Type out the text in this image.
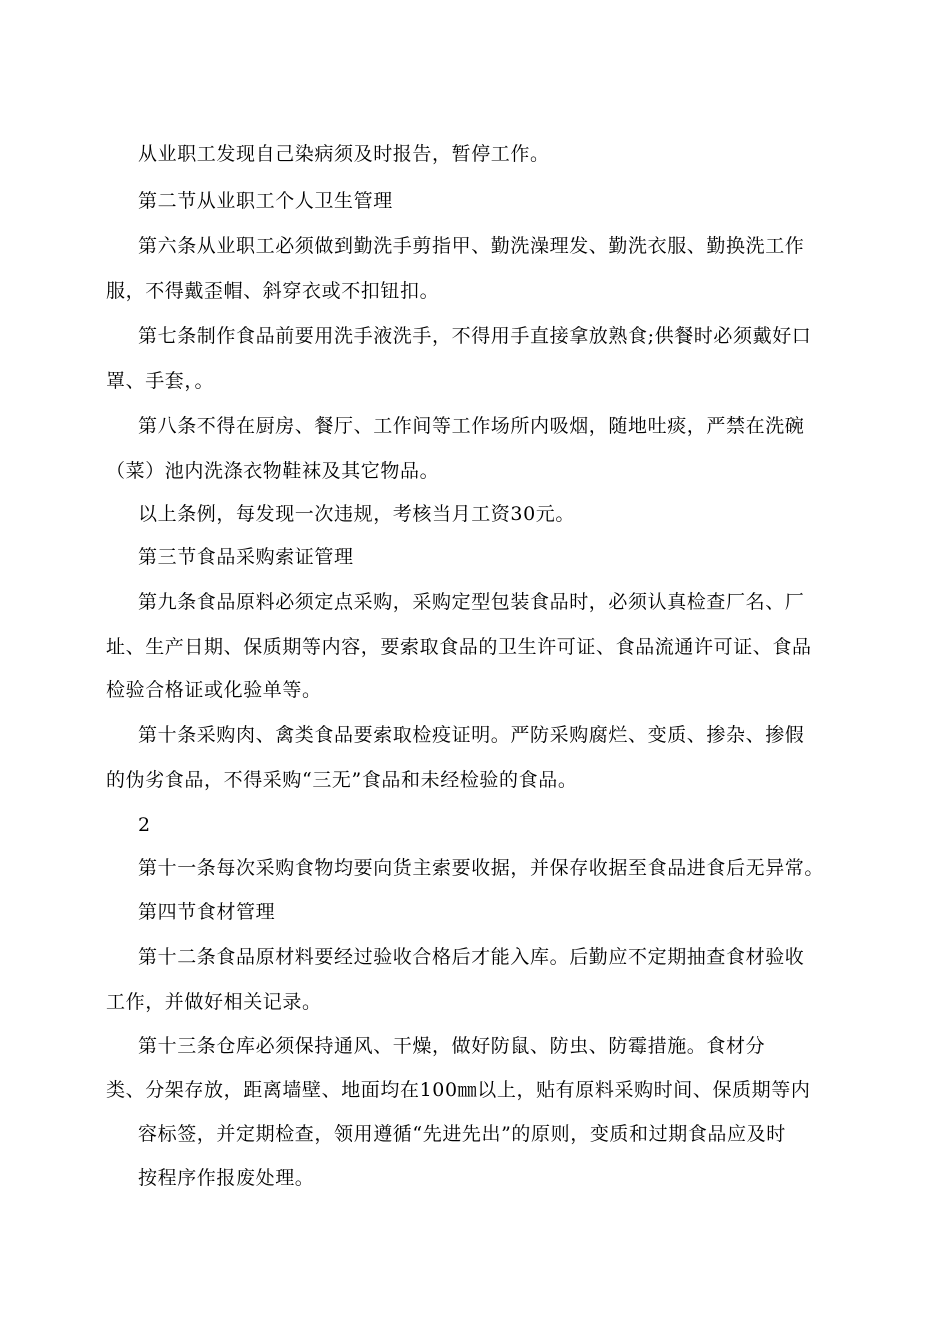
从业职工发现自己染病须及时报告，暂停工作。

第二节从业职工个人卫生管理

第六条从业职工必须做到勤洗手剪指甲、勤洗澡理发、勤洗衣服、勤换洗工作

服，不得戴歪帽、斜穿衣或不扣钮扣。

第七条制作食品前要用洗手液洗手，不得用手直接拿放熟食;供餐时必须戴好口

罩、手套，。

第八条不得在厨房、餐厅、工作间等工作场所内吸烟，随地吐痰，严禁在洗碗

（菜）池内洗涤衣物鞋袜及其它物品。

以上条例，每发现一次违规，考核当月工资30元。

第三节食品采购索证管理

第九条食品原料必须定点采购，采购定型包装食品时，必须认真检查厂名、厂

址、生产日期、保质期等内容，要索取食品的卫生许可证、食品流通许可证、食品

检验合格证或化验单等。

第十条采购肉、禽类食品要索取检疫证明。严防采购腐烂、变质、掺杂、掺假

的伪劣食品，不得采购“三无”食品和未经检验的食品。

2

第十一条每次采购食物均要向货主索要收据，并保存收据至食品进食后无异常。

第四节食材管理

第十二条食品原材料要经过验收合格后才能入库。后勤应不定期抽查食材验收

工作，并做好相关记录。

第十三条仓库必须保持通风、干燥，做好防鼠、防虫、防霉措施。食材分

类、分架存放，距离墙壁、地面均在100㎜以上，贴有原料采购时间、保质期等内

容标签，并定期检查，领用遵循“先进先出”的原则，变质和过期食品应及时

按程序作报废处理。
